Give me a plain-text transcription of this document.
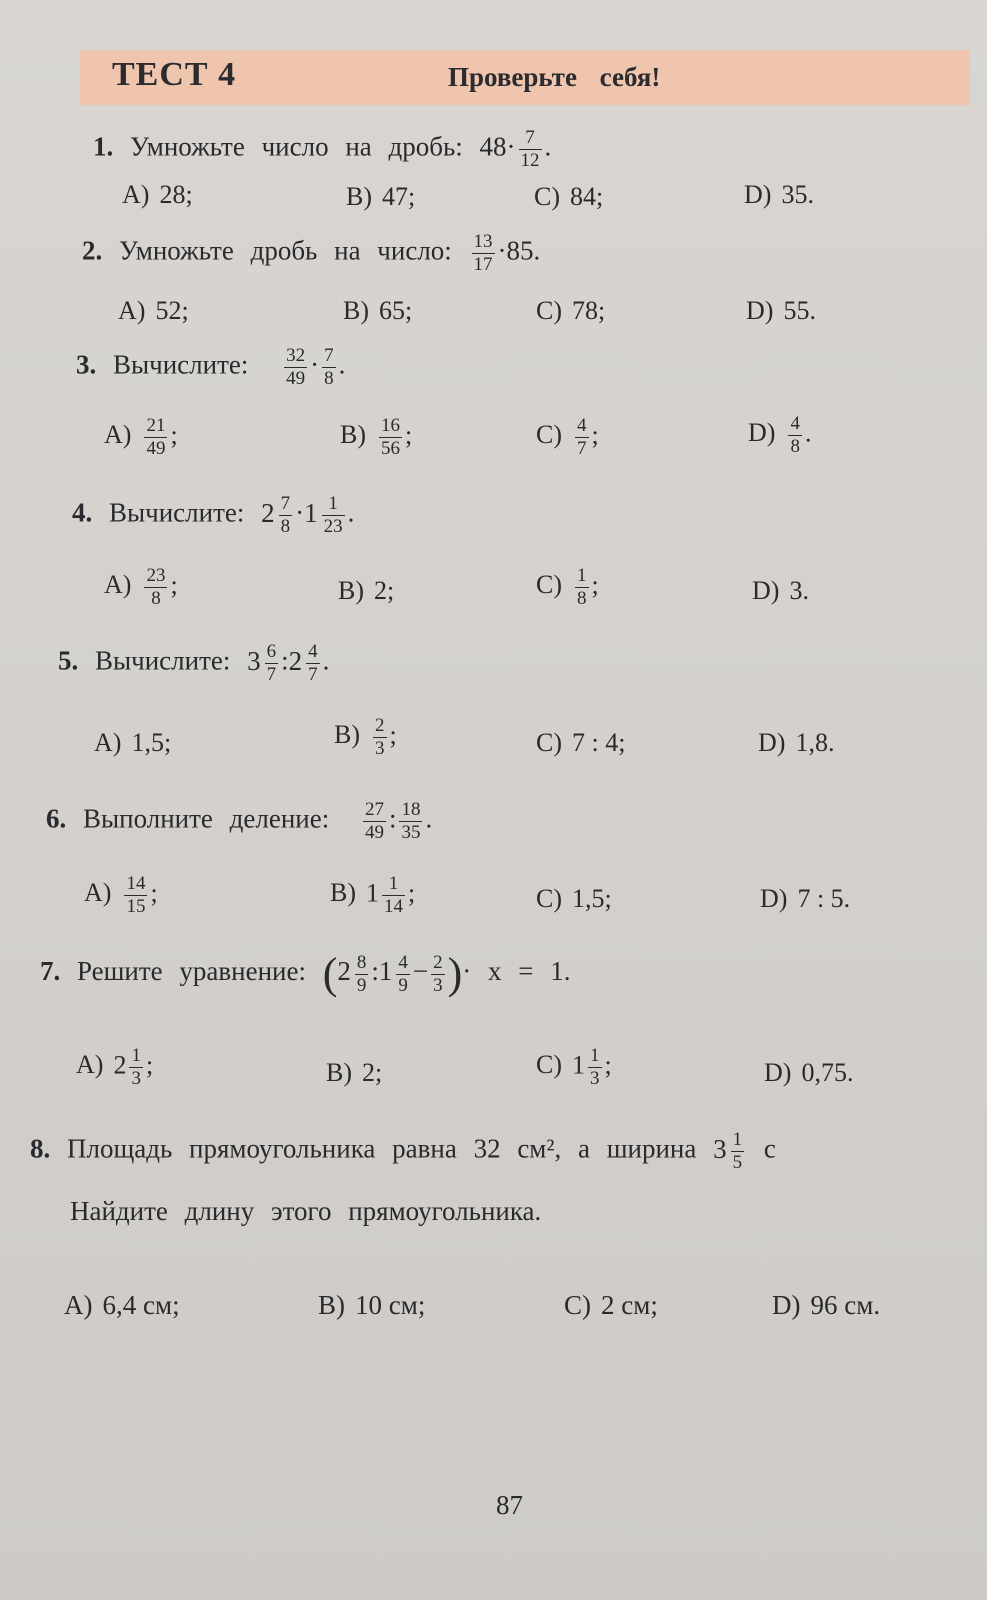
ТЕСТ 4	Проверьте себя!
1. Умножьте число на дробь: $48\cdot \frac{7}{12}$ .
A) 28;	B) 47;	C) 84;	D) 35.
2. Умножьте дробь на число: $\frac{13}{17} \cdot 85$.
A) 52;	B) 65;	C) 78;	D) 55.
3. Вычислите: $\frac{32}{49} \cdot \frac{7}{8}$ .
$A) \frac{21}{49}$ ;	$B) \frac{16}{56}$ ;	$C) \frac{4}{7}$ ;	$D) \frac{4}{8}$ .
4. Вычислите: $2 \frac{7}{8} \cdot 1 \frac{1}{23}$ .
$A) \frac{23}{8}$ ;	B) 2;	$C) \frac{1}{8}$ ;	D) 3.
5. Вычислите: $3 \frac{6}{7}$ :2 $\frac{4}{7}$ .
A) 1,5;	$B) \frac{2}{3}$ ;	C) 7 : 4;	D) 1,8.
6. Выполните деление: $\frac{27}{49}$ : $\frac{18}{35}$ .
$A) \frac{14}{15}$ ;	B) $1 \frac{1}{14}$ ;	C) 1,5;	D) 7 : 5.
7. Решите уравнение: ($2 \frac{8}{9}$ :1 $\frac{4}{9} - \frac{2}{3}$ )· x = 1.
A) $2 \frac{1}{3}$ ;	B) 2;	C) $1 \frac{1}{3}$ ;	D) 0,75.
8. Площадь прямоугольника равна 32 см², а ширина $3 \frac{1}{5}$ с
Найдите длину этого прямоугольника.
A) 6,4 см;	B) 10 см;	C) 2 см;	D) 96 см.
87
